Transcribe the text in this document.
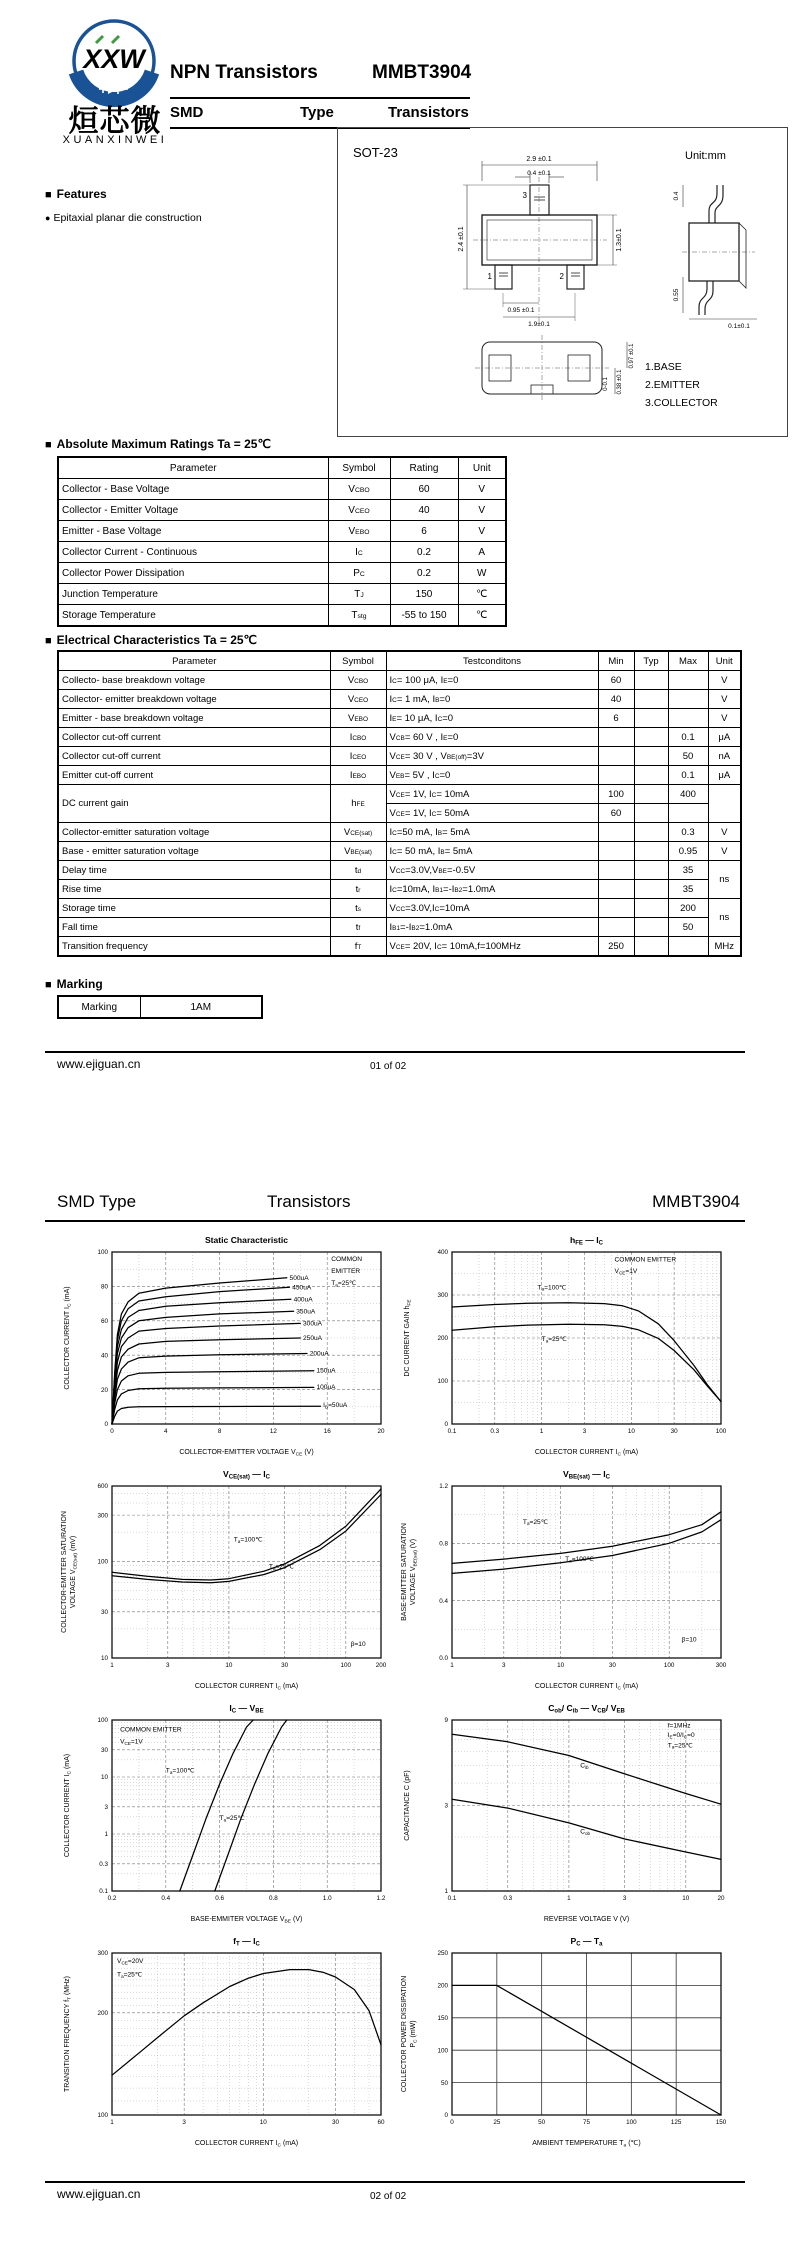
XXW
烜芯微
XUANXINWEI
NPN Transistors	MMBT3904
SMD	Type	Transistors
■ Features
● Epitaxial planar die construction
SOT-23	Unit:mm
2.9 ±0.1
0.4 ±0.1
2.4 ±0.1	1.3±0.1
0.95 ±0.1
1.9±0.1
0.4
0.55
0.1±0.1
0.97 ±0.1
0.38 ±0.1
0-0.1
3
1	2
1.BASE
2.EMITTER
3.COLLECTOR
■ Absolute Maximum Ratings Ta = 25℃
■ Electrical Characteristics Ta = 25℃
■ Marking
www.ejiguan.cn	01 of 02
SMD Type	Transistors	MMBT3904
www.ejiguan.cn	02 of 02
Parameter	Symbol	Rating	Unit
Collector - Base Voltage	VCBO	60	V
Collector - Emitter Voltage	VCEO	40	V
Emitter - Base Voltage	VEBO	6	V
Collector Current - Continuous	IC	0.2	A
Collector Power Dissipation	PC	0.2	W
Junction Temperature	TJ	150	℃
Storage Temperature	Tstg	-55 to 150	℃
Parameter	Symbol	Testconditons	Min	Typ	Max	Unit
Collecto- base breakdown voltage	VCBO	IC= 100 μA, IE=0	60			V
Collector- emitter breakdown voltage	VCEO	IC= 1 mA, IB=0	40			V
Emitter - base breakdown voltage	VEBO	IE= 10 μA, IC=0	6			V
Collector cut-off current	ICBO	VCB= 60 V , IE=0			0.1	μA
Collector cut-off current	ICEO	VCE= 30 V , VBE(off)=3V			50	nA
Emitter cut-off current	IEBO	VEB= 5V , IC=0			0.1	μA
DC current gain	hFE	VCE= 1V, IC= 10mA	100		400	
		VCE= 1V, IC= 50mA	60			
Collector-emitter saturation voltage	VCE(sat)	IC=50 mA, IB= 5mA			0.3	V
Base - emitter saturation voltage	VBE(sat)	IC= 50 mA, IB= 5mA			0.95	V
Delay time	td	VCC=3.0V,VBE=-0.5V			35	ns
Rise time	tr	IC=10mA, IB1=-IB2=1.0mA			35	
Storage time	ts	VCC=3.0V,IC=10mA			200	ns
Fall time	tf	IB1=-IB2=1.0mA			50	
Transition frequency	fT	VCE= 20V, IC= 10mA,f=100MHz	250			MHz
Marking	1AM
0	4	8	12	16	20
0
20
40
60
80
100
COMMON
EMITTER
$T_a=25℃$
500uA
450uA
400uA
350uA
300uA
250uA
200uA
150uA
100uA
$I_B=50uA$
Static Characteristic
COLLECTOR-EMITTER VOLTAGE VCE (V)
COLLECTOR CURRENT IC (mA)
0.1	0.3	1	3	10	30	100
0
100
200
300
400
COMMON EMITTER
$V_{CE}=1V$
$T_a=100℃$
$T_a=25℃$
hFE — IC
COLLECTOR CURRENT IC (mA)
DC CURRENT GAIN hFE
1	3	10	30	100	200
10
30
100
300
600
$T_a=100℃$
$T_a=25℃$
β=10
VCE(sat) — IC
COLLECTOR CURRENT IC (mA)
COLLECTOR-EMITTER SATURATION VOLTAGE VCE(sat) (mV)
1	3	10	30	100	300
0.0
0.4
0.8
1.2
$T_a=25℃$
$T_a=100℃$
β=10
VBE(sat) — IC
COLLECTOR CURRENT IC (mA)
BASE-EMITTER SATURATION VOLTAGE VBE(sat) (V)
0.2	0.4	0.6	0.8	1.0	1.2
0.1
0.3
1
3
10
30
100
COMMON EMITTER
$V_{CE}=1V$
$T_a=100℃$
$T_a=25℃$
IC — VBE
BASE-EMMITER VOLTAGE VBE (V)
COLLECTOR CURRENT IC (mA)
0.1	0.3	1	3	10	20
1
3
9
f=1MHz
$I_E=0/I_C=0$
$T_a=25℃$
$C_{ib}$
$C_{ob}$
Cob/ Cib — VCB/ VEB
REVERSE VOLTAGE V (V)
CAPACITANCE C (pF)
1	3	10	30	60
100
200
300
$V_{CE}=20V$
$T_a=25℃$
fT — IC
COLLECTOR CURRENT IC (mA)
TRANSITION FREQUENCY fT (MHz)
0	25	50	75	100	125	150
0
50
100
150
200
250
PC — Ta
AMBIENT TEMPERATURE Ta (℃)
COLLECTOR POWER DISSIPATION PC (mW)
